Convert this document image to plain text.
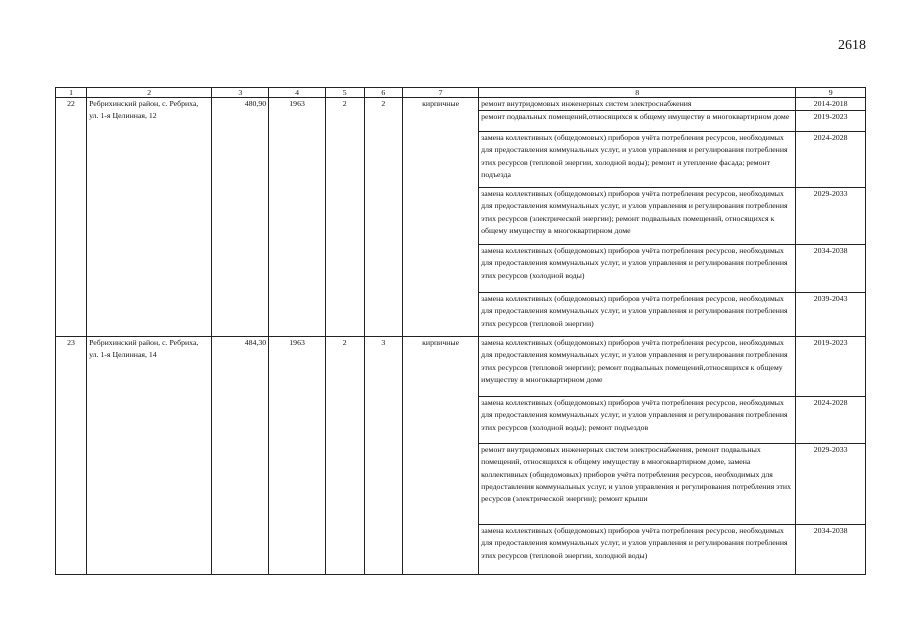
2618
1	2	3	4	5	6	7	8	9
22	Ребрихинский район, с. Ребриха, ул. 1-я Целинная, 12	480,90	1963	2	2	кирпичные	ремонт внутридомовых инженерных систем электроснабжения	2014-2018
							ремонт подвальных помещений,относящихся к общему имуществу в многоквартирном доме	2019-2023
							замена коллективных (общедомовых) приборов учёта потребления ресурсов, необходимых для предоставления коммунальных услуг, и узлов управления и регулирования потребления этих ресурсов (тепловой энергии, холодной воды); ремонт и утепление фасада; ремонт подъезда	2024-2028
							замена коллективных (общедомовых) приборов учёта потребления ресурсов, необходимых для предоставления коммунальных услуг, и узлов управления и регулирования потребления этих ресурсов (электрической энергии); ремонт подвальных помещений, относящихся к общему имуществу в многоквартирном доме	2029-2033
							замена коллективных (общедомовых) приборов учёта потребления ресурсов, необходимых для предоставления коммунальных услуг, и узлов управления и регулирования потребления этих ресурсов (холодной воды)	2034-2038
							замена коллективных (общедомовых) приборов учёта потребления ресурсов, необходимых для предоставления коммунальных услуг, и узлов управления и регулирования потребления этих ресурсов (тепловой энергии)	2039-2043
23	Ребрихинский район, с. Ребриха, ул. 1-я Целинная, 14	484,30	1963	2	3	кирпичные	замена коллективных (общедомовых) приборов учёта потребления ресурсов, необходимых для предоставления коммунальных услуг, и узлов управления и регулирования потребления этих ресурсов (тепловой энергии); ремонт подвальных помещений,относящихся к общему имуществу в многоквартирном доме	2019-2023
							замена коллективных (общедомовых) приборов учёта потребления ресурсов, необходимых для предоставления коммунальных услуг, и узлов управления и регулирования потребления этих ресурсов (холодной воды); ремонт подъездов	2024-2028
							ремонт внутридомовых инженерных систем электроснабжения, ремонт подвальных помещений, относящихся к общему имуществу в многоквартирном доме, замена коллективных (общедомовых) приборов учёта потребления ресурсов, необходимых для предоставления коммунальных услуг, и узлов управления и регулирования потребления этих ресурсов (электрической энергии); ремонт крыши	2029-2033
							замена коллективных (общедомовых) приборов учёта потребления ресурсов, необходимых для предоставления коммунальных услуг, и узлов управления и регулирования потребления этих ресурсов (тепловой энергии, холодной воды)	2034-2038
